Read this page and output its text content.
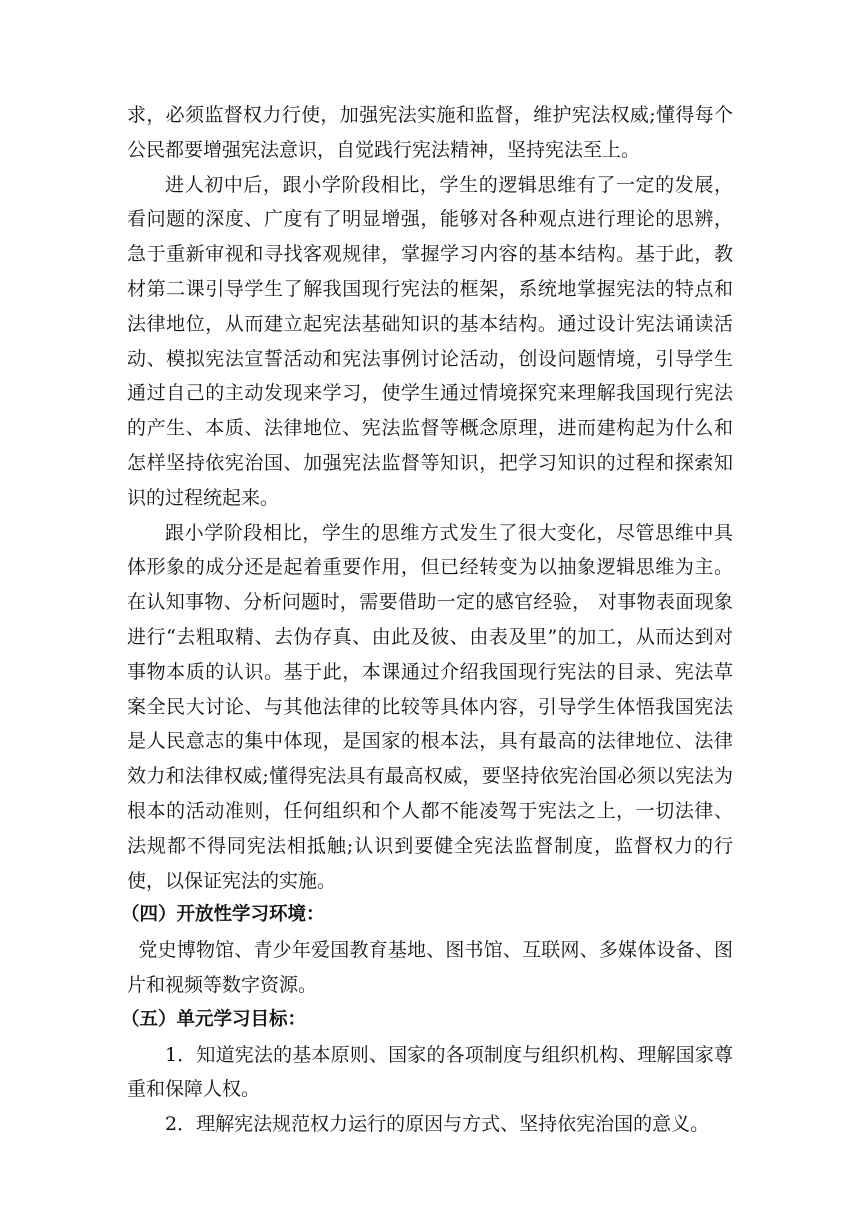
求，必须监督权力行使，加强宪法实施和监督，维护宪法权威;懂得每个公民都要增强宪法意识，自觉践行宪法精神，坚持宪法至上。

进人初中后，跟小学阶段相比，学生的逻辑思维有了一定的发展，看问题的深度、广度有了明显增强，能够对各种观点进行理论的思辨，急于重新审视和寻找客观规律，掌握学习内容的基本结构。基于此，教材第二课引导学生了解我国现行宪法的框架，系统地掌握宪法的特点和法律地位，从而建立起宪法基础知识的基本结构。通过设计宪法诵读活动、模拟宪法宣誓活动和宪法事例讨论活动，创设问题情境，引导学生通过自己的主动发现来学习，使学生通过情境探究来理解我国现行宪法的产生、本质、法律地位、宪法监督等概念原理，进而建构起为什么和怎样坚持依宪治国、加强宪法监督等知识，把学习知识的过程和探索知识的过程统起来。

跟小学阶段相比，学生的思维方式发生了很大变化，尽管思维中具体形象的成分还是起着重要作用，但已经转变为以抽象逻辑思维为主。在认知事物、分析问题时，需要借助一定的感官经验， 对事物表面现象进行“去粗取精、去伪存真、由此及彼、由表及里”的加工，从而达到对事物本质的认识。基于此，本课通过介绍我国现行宪法的目录、宪法草案全民大讨论、与其他法律的比较等具体内容，引导学生体悟我国宪法是人民意志的集中体现，是国家的根本法，具有最高的法律地位、法律效力和法律权威;懂得宪法具有最高权威，要坚持依宪治国必须以宪法为根本的活动准则，任何组织和个人都不能凌驾于宪法之上，一切法律、法规都不得同宪法相抵触;认识到要健全宪法监督制度，监督权力的行使，以保证宪法的实施。

（四）开放性学习环境：

党史博物馆、青少年爱国教育基地、图书馆、互联网、多媒体设备、图片和视频等数字资源。

（五）单元学习目标：

1．知道宪法的基本原则、国家的各项制度与组织机构、理解国家尊重和保障人权。

2．理解宪法规范权力运行的原因与方式、坚持依宪治国的意义。
